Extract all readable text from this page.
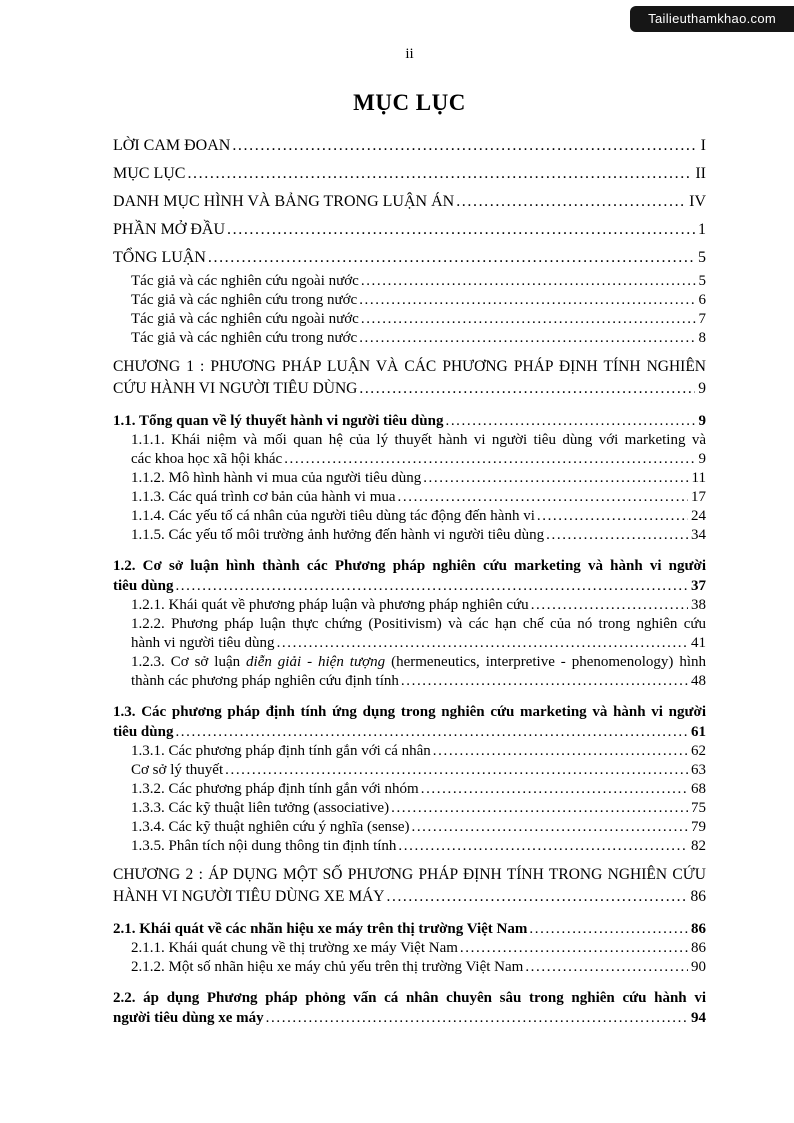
Tailieuthamkhao.com
ii
MỤC LỤC
LỜI CAM ĐOAN .....	I
MỤC LỤC .....	II
DANH MỤC HÌNH VÀ BẢNG TRONG LUẬN ÁN .....	IV
PHẦN MỞ ĐẦU .....	1
TỔNG LUẬN .....	5
Tác giả và các nghiên cứu ngoài nước .....	5
Tác giả và các nghiên cứu trong nước .....	6
Tác giả và các nghiên cứu ngoài nước .....	7
Tác giả và các nghiên cứu trong nước .....	8
CHƯƠNG 1 : PHƯƠNG PHÁP LUẬN VÀ CÁC PHƯƠNG PHÁP ĐỊNH TÍNH NGHIÊN
CỨU HÀNH VI NGƯỜI TIÊU DÙNG .....	9
1.1. Tổng quan về lý thuyết hành vi người tiêu dùng .....	9
1.1.1. Khái niệm và mối quan hệ của lý thuyết hành vi người tiêu dùng với marketing và
các khoa học xã hội khác .....	9
1.1.2. Mô hình hành vi mua của người tiêu dùng .....	11
1.1.3. Các quá trình cơ bản của hành vi mua .....	17
1.1.4. Các yếu tố cá nhân của người tiêu dùng tác động đến hành vi .....	24
1.1.5. Các yếu tố môi trường ảnh hưởng đến hành vi người tiêu dùng .....	34
1.2. Cơ sở luận hình thành các Phương pháp nghiên cứu marketing và hành vi người
tiêu dùng .....	37
1.2.1. Khái quát về phương pháp luận và phương pháp nghiên cứu .....	38
1.2.2. Phương pháp luận thực chứng (Positivism) và các hạn chế của nó trong nghiên cứu
hành vi người tiêu dùng .....	41
1.2.3. Cơ sở luận diễn giải - hiện tượng (hermeneutics, interpretive - phenomenology) hình
thành các phương pháp nghiên cứu định tính .....	48
1.3. Các phương pháp định tính ứng dụng trong nghiên cứu marketing và hành vi người
tiêu dùng .....	61
1.3.1. Các phương pháp định tính gắn với cá nhân .....	62
Cơ sở lý thuyết .....	63
1.3.2. Các phương pháp định tính gắn với nhóm .....	68
1.3.3. Các kỹ thuật liên tưởng (associative) .....	75
1.3.4. Các kỹ thuật nghiên cứu ý nghĩa (sense) .....	79
1.3.5. Phân tích nội dung thông tin định tính .....	82
CHƯƠNG 2 : ÁP DỤNG MỘT SỐ PHƯƠNG PHÁP ĐỊNH TÍNH TRONG NGHIÊN CỨU
HÀNH VI NGƯỜI TIÊU DÙNG XE MÁY .....	86
2.1. Khái quát về các nhãn hiệu xe máy trên thị trường Việt Nam .....	86
2.1.1. Khái quát chung về thị trường xe máy Việt Nam .....	86
2.1.2. Một số nhãn hiệu xe máy chủ yếu trên thị trường Việt Nam .....	90
2.2. áp dụng Phương pháp phỏng vấn cá nhân chuyên sâu trong nghiên cứu hành vi
người tiêu dùng xe máy .....	94
